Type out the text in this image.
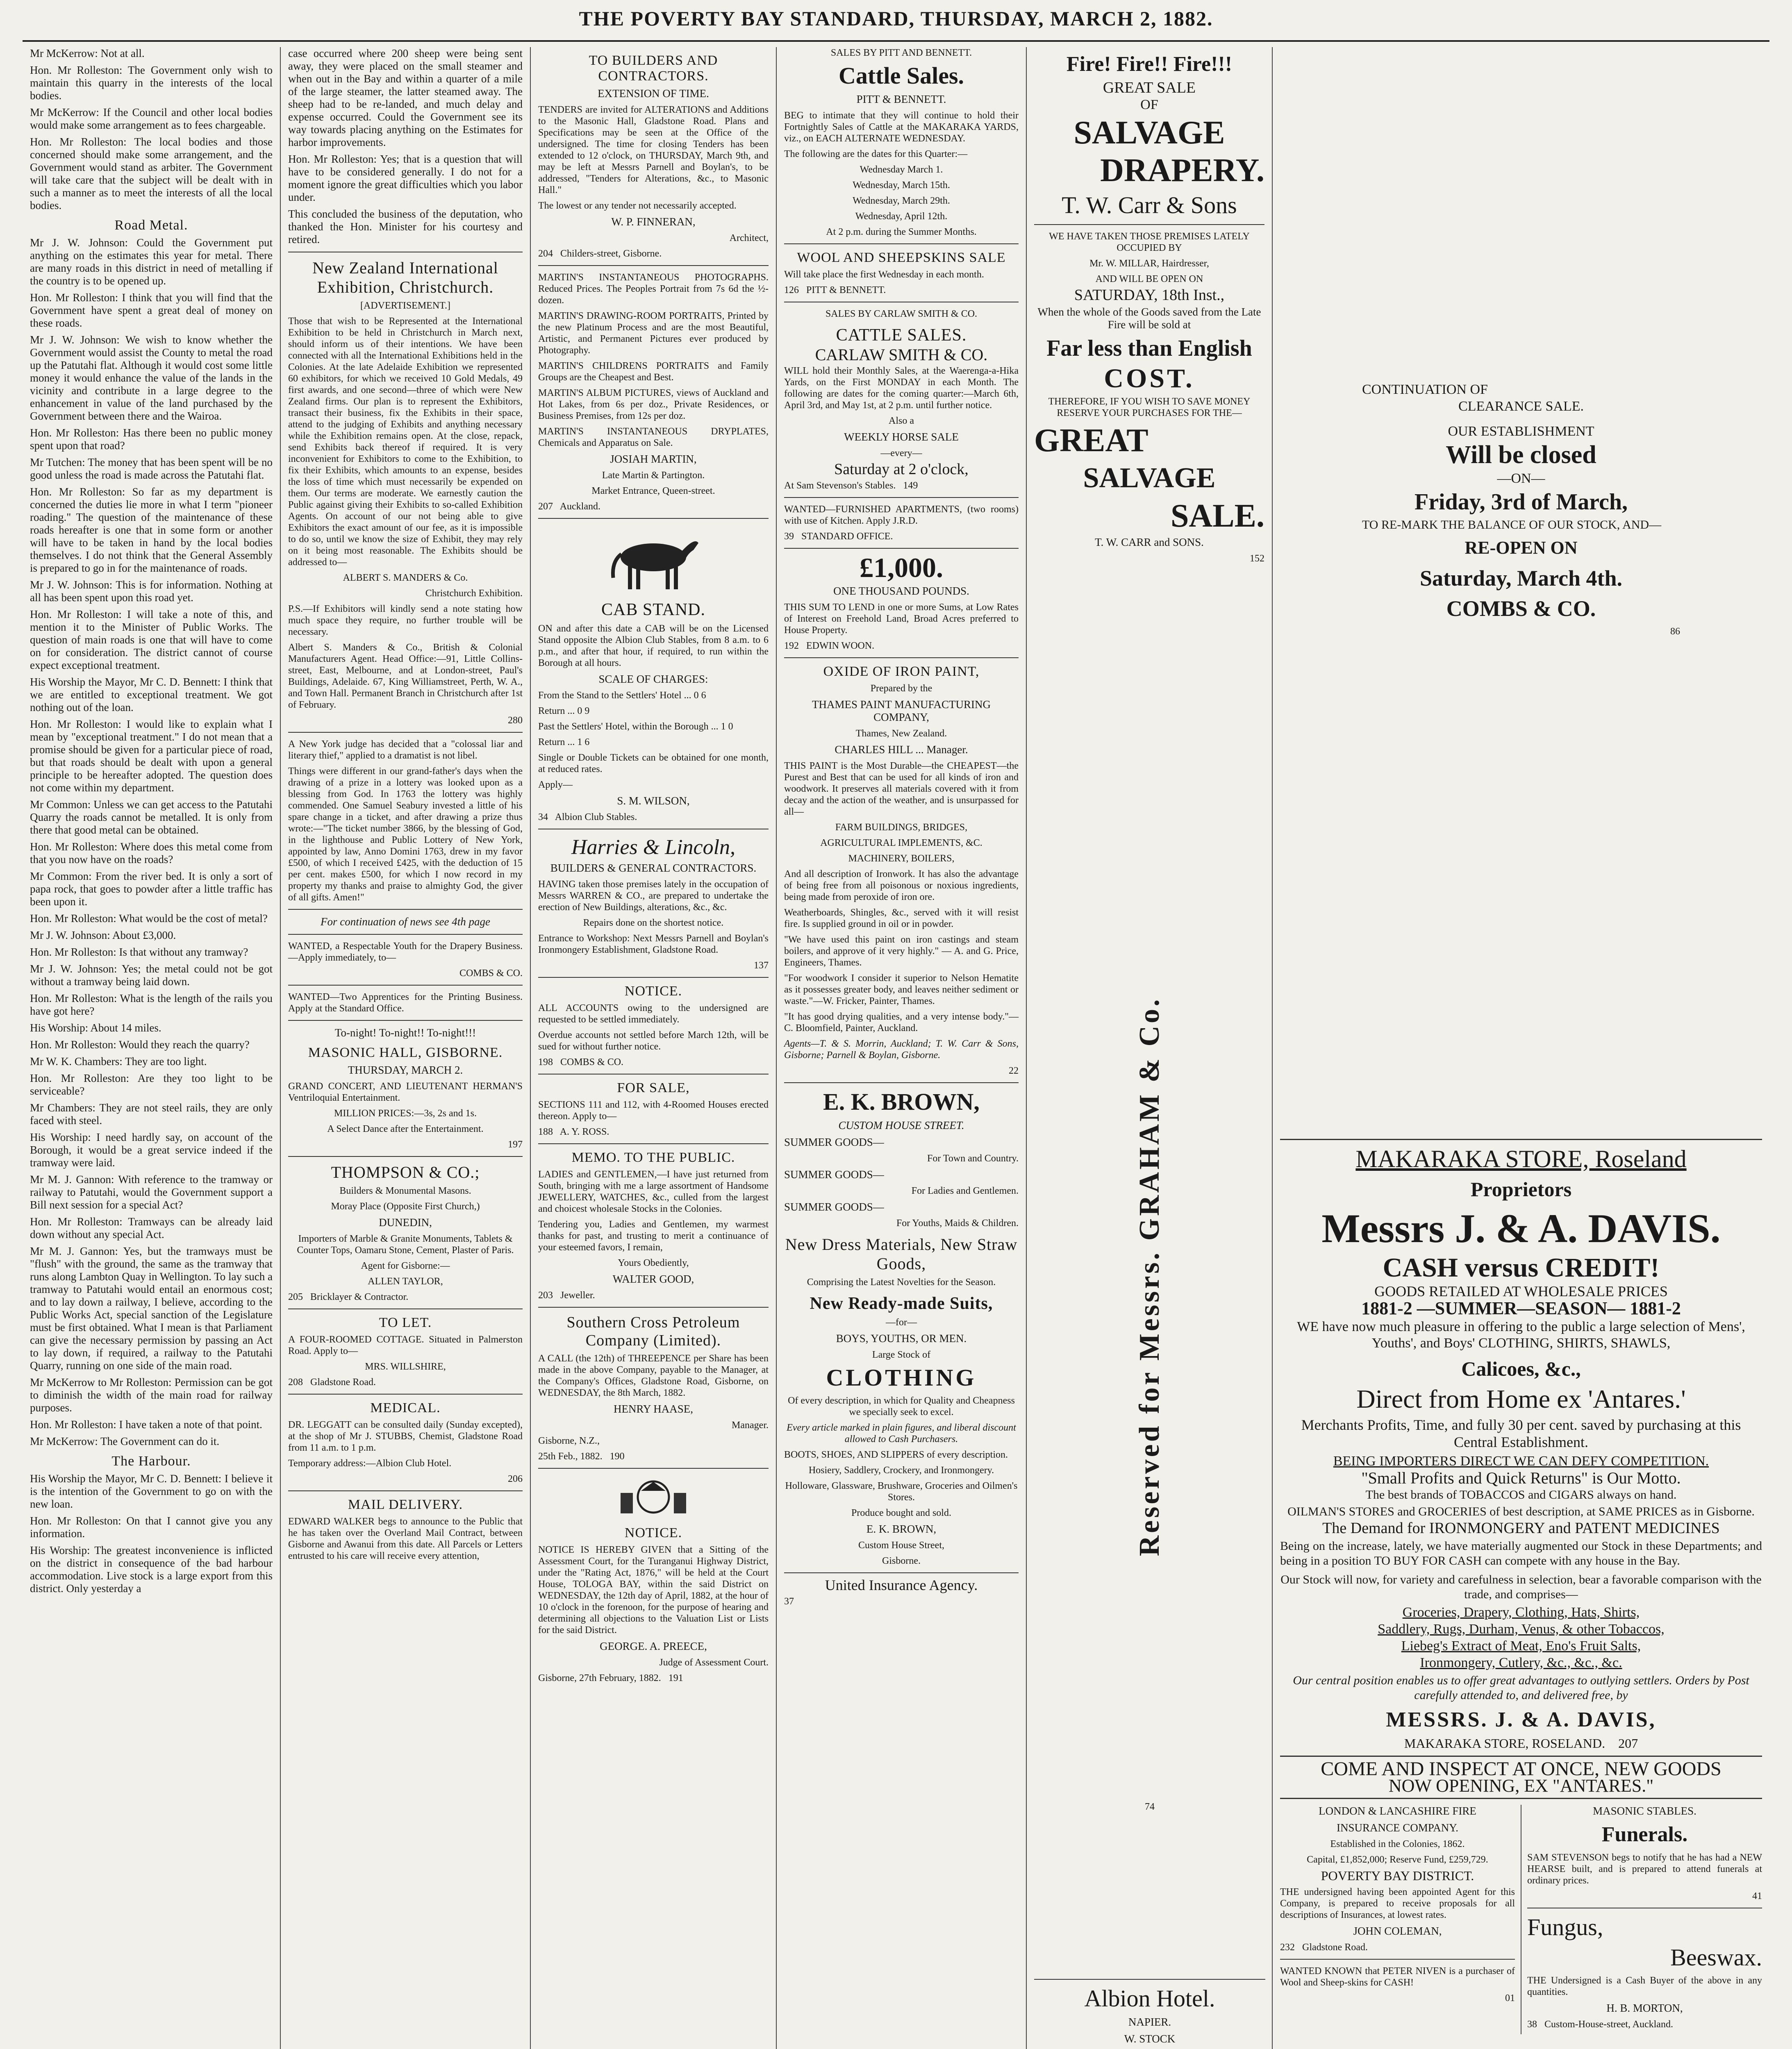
THE POVERTY BAY STANDARD, THURSDAY, MARCH 2, 1882.

Mr McKerrow: Not at all.

Hon. Mr Rolleston: The Government only wish to maintain this quarry in the interests of the local bodies.

Mr McKerrow: If the Council and other local bodies would make some arrangement as to fees chargeable.

Hon. Mr Rolleston: The local bodies and those concerned should make some arrangement, and the Government would stand as arbiter. The Government will take care that the subject will be dealt with in such a manner as to meet the interests of all the local bodies.

Road Metal.

Mr J. W. Johnson: Could the Government put anything on the estimates this year for metal. There are many roads in this district in need of metalling if the country is to be opened up.

Hon. Mr Rolleston: I think that you will find that the Government have spent a great deal of money on these roads.

Mr J. W. Johnson: We wish to know whether the Government would assist the County to metal the road up the Patutahi flat. Although it would cost some little money it would enhance the value of the lands in the vicinity and contribute in a large degree to the enhancement in value of the land purchased by the Government between there and the Wairoa.

Hon. Mr Rolleston: Has there been no public money spent upon that road?

Mr Tutchen: The money that has been spent will be no good unless the road is made across the Patutahi flat.

Hon. Mr Rolleston: So far as my department is concerned the duties lie more in what I term "pioneer roading." The question of the maintenance of these roads hereafter is one that in some form or another will have to be taken in hand by the local bodies themselves. I do not think that the General Assembly is prepared to go in for the maintenance of roads.

Mr J. W. Johnson: This is for information. Nothing at all has been spent upon this road yet.

Hon. Mr Rolleston: I will take a note of this, and mention it to the Minister of Public Works. The question of main roads is one that will have to come on for consideration. The district cannot of course expect exceptional treatment.

His Worship the Mayor, Mr C. D. Bennett: I think that we are entitled to exceptional treatment. We got nothing out of the loan.

Hon. Mr Rolleston: I would like to explain what I mean by "exceptional treatment." I do not mean that a promise should be given for a particular piece of road, but that roads should be dealt with upon a general principle to be hereafter adopted. The question does not come within my department.

Mr Common: Unless we can get access to the Patutahi Quarry the roads cannot be metalled. It is only from there that good metal can be obtained.

Hon. Mr Rolleston: Where does this metal come from that you now have on the roads?

Mr Common: From the river bed. It is only a sort of papa rock, that goes to powder after a little traffic has been upon it.

Hon. Mr Rolleston: What would be the cost of metal?

Mr J. W. Johnson: About £3,000.

Hon. Mr Rolleston: Is that without any tramway?

Mr J. W. Johnson: Yes; the metal could not be got without a tramway being laid down.

Hon. Mr Rolleston: What is the length of the rails you have got here?

His Worship: About 14 miles.

Hon. Mr Rolleston: Would they reach the quarry?

Mr W. K. Chambers: They are too light.

Hon. Mr Rolleston: Are they too light to be serviceable?

Mr Chambers: They are not steel rails, they are only faced with steel.

His Worship: I need hardly say, on account of the Borough, it would be a great service indeed if the tramway were laid.

Mr M. J. Gannon: With reference to the tramway or railway to Patutahi, would the Government support a Bill next session for a special Act?

Hon. Mr Rolleston: Tramways can be already laid down without any special Act.

Mr M. J. Gannon: Yes, but the tramways must be "flush" with the ground, the same as the tramway that runs along Lambton Quay in Wellington. To lay such a tramway to Patutahi would entail an enormous cost; and to lay down a railway, I believe, according to the Public Works Act, special sanction of the Legislature must be first obtained. What I mean is that Parliament can give the necessary permission by passing an Act to lay down, if required, a railway to the Patutahi Quarry, running on one side of the main road.

Mr McKerrow to Mr Rolleston: Permission can be got to diminish the width of the main road for railway purposes.

Hon. Mr Rolleston: I have taken a note of that point.

Mr McKerrow: The Government can do it.

The Harbour.

His Worship the Mayor, Mr C. D. Bennett: I believe it is the intention of the Government to go on with the new loan.

Hon. Mr Rolleston: On that I cannot give you any information.

His Worship: The greatest inconvenience is inflicted on the district in consequence of the bad harbour accommodation. Live stock is a large export from this district. Only yesterday a

case occurred where 200 sheep were being sent away, they were placed on the small steamer and when out in the Bay and within a quarter of a mile of the large steamer, the latter steamed away. The sheep had to be re-landed, and much delay and expense occurred. Could the Government see its way towards placing anything on the Estimates for harbor improvements.

Hon. Mr Rolleston: Yes; that is a question that will have to be considered generally. I do not for a moment ignore the great difficulties which you labor under.

This concluded the business of the deputation, who thanked the Hon. Minister for his courtesy and retired.

New Zealand International Exhibition, Christchurch.

[ADVERTISEMENT.]

Those that wish to be Represented at the International Exhibition to be held in Christchurch in March next, should inform us of their intentions. We have been connected with all the International Exhibitions held in the Colonies. At the late Adelaide Exhibition we represented 60 exhibitors, for which we received 10 Gold Medals, 49 first awards, and one second—three of which were New Zealand firms. Our plan is to represent the Exhibitors, transact their business, fix the Exhibits in their space, attend to the judging of Exhibits and anything necessary while the Exhibition remains open. At the close, repack, send Exhibits back thereof if required. It is very inconvenient for Exhibitors to come to the Exhibition, to fix their Exhibits, which amounts to an expense, besides the loss of time which must necessarily be expended on them. Our terms are moderate. We earnestly caution the Public against giving their Exhibits to so-called Exhibition Agents. On account of our not being able to give Exhibitors the exact amount of our fee, as it is impossible to do so, until we know the size of Exhibit, they may rely on it being most reasonable. The Exhibits should be addressed to—

ALBERT S. MANDERS & Co.

Christchurch Exhibition.

P.S.—If Exhibitors will kindly send a note stating how much space they require, no further trouble will be necessary.

Albert S. Manders & Co., British & Colonial Manufacturers Agent. Head Office:—91, Little Collins-street, East, Melbourne, and at London-street, Paul's Buildings, Adelaide. 67, King Williamstreet, Perth, W. A., and Town Hall. Permanent Branch in Christchurch after 1st of February.

280

A New York judge has decided that a "colossal liar and literary thief," applied to a dramatist is not libel.

Things were different in our grand-father's days when the drawing of a prize in a lottery was looked upon as a blessing from God. In 1763 the lottery was highly commended. One Samuel Seabury invested a little of his spare change in a ticket, and after drawing a prize thus wrote:—"The ticket number 3866, by the blessing of God, in the lighthouse and Public Lottery of New York, appointed by law, Anno Domini 1763, drew in my favor £500, of which I received £425, with the deduction of 15 per cent. makes £500, for which I now record in my property my thanks and praise to almighty God, the giver of all gifts. Amen!"

For continuation of news see 4th page

WANTED, a Respectable Youth for the Drapery Business.—Apply immediately, to—

COMBS & CO.

WANTED—Two Apprentices for the Printing Business. Apply at the Standard Office.

To-night! To-night!! To-night!!!

MASONIC HALL, GISBORNE.

THURSDAY, MARCH 2.

GRAND CONCERT, AND LIEUTENANT HERMAN'S Ventriloquial Entertainment.

MILLION PRICES:—3s, 2s and 1s.

A Select Dance after the Entertainment.

197

THOMPSON & CO.;

Builders & Monumental Masons.

Moray Place (Opposite First Church,)

DUNEDIN,

Importers of Marble & Granite Monuments, Tablets & Counter Tops, Oamaru Stone, Cement, Plaster of Paris.

Agent for Gisborne:—

ALLEN TAYLOR,

205 Bricklayer & Contractor.

TO LET.

A FOUR-ROOMED COTTAGE. Situated in Palmerston Road. Apply to—

MRS. WILLSHIRE,

208 Gladstone Road.

MEDICAL.

DR. LEGGATT can be consulted daily (Sunday excepted), at the shop of Mr J. STUBBS, Chemist, Gladstone Road from 11 a.m. to 1 p.m.

Temporary address:—Albion Club Hotel.

206

MAIL DELIVERY.

EDWARD WALKER begs to announce to the Public that he has taken over the Overland Mail Contract, between Gisborne and Awanui from this date. All Parcels or Letters entrusted to his care will receive every attention,

TO BUILDERS AND CONTRACTORS.

EXTENSION OF TIME.

TENDERS are invited for ALTERATIONS and Additions to the Masonic Hall, Gladstone Road. Plans and Specifications may be seen at the Office of the undersigned. The time for closing Tenders has been extended to 12 o'clock, on THURSDAY, March 9th, and may be left at Messrs Parnell and Boylan's, to be addressed, "Tenders for Alterations, &c., to Masonic Hall."

The lowest or any tender not necessarily accepted.

W. P. FINNERAN,

Architect,

204 Childers-street, Gisborne.

MARTIN'S INSTANTANEOUS PHOTOGRAPHS. Reduced Prices. The Peoples Portrait from 7s 6d the ½-dozen.

MARTIN'S DRAWING-ROOM PORTRAITS, Printed by the new Platinum Process and are the most Beautiful, Artistic, and Permanent Pictures ever produced by Photography.

MARTIN'S CHILDRENS PORTRAITS and Family Groups are the Cheapest and Best.

MARTIN'S ALBUM PICTURES, views of Auckland and Hot Lakes, from 6s per doz., Private Residences, or Business Premises, from 12s per doz.

MARTIN'S INSTANTANEOUS DRYPLATES, Chemicals and Apparatus on Sale.

JOSIAH MARTIN,

Late Martin & Partington.

Market Entrance, Queen-street.

207 Auckland.

CAB STAND.

ON and after this date a CAB will be on the Licensed Stand opposite the Albion Club Stables, from 8 a.m. to 6 p.m., and after that hour, if required, to run within the Borough at all hours.

SCALE OF CHARGES:

From the Stand to the Settlers' Hotel ... 0 6

Return ... 0 9

Past the Settlers' Hotel, within the Borough ... 1 0

Return ... 1 6

Single or Double Tickets can be obtained for one month, at reduced rates.

Apply—

S. M. WILSON,

34 Albion Club Stables.

Harries & Lincoln,

BUILDERS & GENERAL CONTRACTORS.

HAVING taken those premises lately in the occupation of Messrs WARREN & CO., are prepared to undertake the erection of New Buildings, alterations, &c., &c.

Repairs done on the shortest notice.

Entrance to Workshop: Next Messrs Parnell and Boylan's Ironmongery Establishment, Gladstone Road.

137

NOTICE.

ALL ACCOUNTS owing to the undersigned are requested to be settled immediately.

Overdue accounts not settled before March 12th, will be sued for without further notice.

198 COMBS & CO.

FOR SALE,

SECTIONS 111 and 112, with 4-Roomed Houses erected thereon. Apply to—

188 A. Y. ROSS.

MEMO. TO THE PUBLIC.

LADIES and GENTLEMEN,—I have just returned from South, bringing with me a large assortment of Handsome JEWELLERY, WATCHES, &c., culled from the largest and choicest wholesale Stocks in the Colonies.

Tendering you, Ladies and Gentlemen, my warmest thanks for past, and trusting to merit a continuance of your esteemed favors, I remain,

Yours Obediently,

WALTER GOOD,

203 Jeweller.

Southern Cross Petroleum Company (Limited).

A CALL (the 12th) of THREEPENCE per Share has been made in the above Company, payable to the Manager, at the Company's Offices, Gladstone Road, Gisborne, on WEDNESDAY, the 8th March, 1882.

HENRY HAASE,

Manager.

Gisborne, N.Z.,

25th Feb., 1882. 190

NOTICE.

NOTICE IS HEREBY GIVEN that a Sitting of the Assessment Court, for the Turanganui Highway District, under the "Rating Act, 1876," will be held at the Court House, TOLOGA BAY, within the said District on WEDNESDAY, the 12th day of April, 1882, at the hour of 10 o'clock in the forenoon, for the purpose of hearing and determining all objections to the Valuation List or Lists for the said District.

GEORGE. A. PREECE,

Judge of Assessment Court.

Gisborne, 27th February, 1882. 191

SALES BY PITT AND BENNETT.

Cattle Sales.

PITT & BENNETT.

BEG to intimate that they will continue to hold their Fortnightly Sales of Cattle at the MAKARAKA YARDS, viz., on EACH ALTERNATE WEDNESDAY.

The following are the dates for this Quarter:—

Wednesday March 1.

Wednesday, March 15th.

Wednesday, March 29th.

Wednesday, April 12th.

At 2 p.m. during the Summer Months.

WOOL AND SHEEPSKINS SALE

Will take place the first Wednesday in each month.

126 PITT & BENNETT.

SALES BY CARLAW SMITH & CO.

CATTLE SALES.

CARLAW SMITH & CO.

WILL hold their Monthly Sales, at the Waerenga-a-Hika Yards, on the First MONDAY in each Month. The following are dates for the coming quarter:—March 6th, April 3rd, and May 1st, at 2 p.m. until further notice.

Also a

WEEKLY HORSE SALE

—every—

Saturday at 2 o'clock,

At Sam Stevenson's Stables. 149

WANTED—FURNISHED APARTMENTS, (two rooms) with use of Kitchen. Apply J.R.D.

39 STANDARD OFFICE.

£1,000.

ONE THOUSAND POUNDS.

THIS SUM TO LEND in one or more Sums, at Low Rates of Interest on Freehold Land, Broad Acres preferred to House Property.

192 EDWIN WOON.

OXIDE OF IRON PAINT,

Prepared by the

THAMES PAINT MANUFACTURING COMPANY,

Thames, New Zealand.

CHARLES HILL ... Manager.

THIS PAINT is the Most Durable—the CHEAPEST—the Purest and Best that can be used for all kinds of iron and woodwork. It preserves all materials covered with it from decay and the action of the weather, and is unsurpassed for all—

FARM BUILDINGS, BRIDGES,

AGRICULTURAL IMPLEMENTS, &C.

MACHINERY, BOILERS,

And all description of Ironwork. It has also the advantage of being free from all poisonous or noxious ingredients, being made from peroxide of iron ore.

Weatherboards, Shingles, &c., served with it will resist fire. Is supplied ground in oil or in powder.

"We have used this paint on iron castings and steam boilers, and approve of it very highly." — A. and G. Price, Engineers, Thames.

"For woodwork I consider it superior to Nelson Hematite as it possesses greater body, and leaves neither sediment or waste."—W. Fricker, Painter, Thames.

"It has good drying qualities, and a very intense body."—C. Bloomfield, Painter, Auckland.

Agents—T. & S. Morrin, Auckland; T. W. Carr & Sons, Gisborne; Parnell & Boylan, Gisborne.

22

E. K. BROWN,

CUSTOM HOUSE STREET.

SUMMER GOODS—

For Town and Country.

SUMMER GOODS—

For Ladies and Gentlemen.

SUMMER GOODS—

For Youths, Maids & Children.

New Dress Materials, New Straw Goods,

Comprising the Latest Novelties for the Season.

New Ready-made Suits,

—for—

BOYS, YOUTHS, OR MEN.

Large Stock of

CLOTHING

Of every description, in which for Quality and Cheapness we specially seek to excel.

Every article marked in plain figures, and liberal discount allowed to Cash Purchasers.

BOOTS, SHOES, AND SLIPPERS of every description.

Hosiery, Saddlery, Crockery, and Ironmongery.

Holloware, Glassware, Brushware, Groceries and Oilmen's Stores.

Produce bought and sold.

E. K. BROWN,

Custom House Street,

Gisborne.

United Insurance Agency.

37

Fire! Fire!! Fire!!!

GREAT SALE

OF

SALVAGE
DRAPERY.
T. W. Carr & Sons

WE HAVE TAKEN THOSE PREMISES LATELY OCCUPIED BY

Mr. W. MILLAR, Hairdresser,

AND WILL BE OPEN ON

SATURDAY, 18th Inst.,

When the whole of the Goods saved from the Late Fire will be sold at

Far less than English
COST.

THEREFORE, IF YOU WISH TO SAVE MONEY RESERVE YOUR PURCHASES FOR THE—

GREAT
SALVAGE
SALE.

T. W. CARR and SONS.

152

Reserved for Messrs. GRAHAM & Co.

74

Albion Hotel.

NAPIER.

W. STOCK

CONTINUATION OF

CLEARANCE SALE.

OUR ESTABLISHMENT

Will be closed

—ON—

Friday, 3rd of March,

TO RE-MARK THE BALANCE OF OUR STOCK, AND—

RE-OPEN ON
Saturday, March 4th.
COMBS & CO.

86

MAKARAKA STORE, Roseland
Proprietors
Messrs J. & A. DAVIS.
CASH versus CREDIT!

GOODS RETAILED AT WHOLESALE PRICES

1881-2 —SUMMER—SEASON— 1881-2

WE have now much pleasure in offering to the public a large selection of Mens', Youths', and Boys' CLOTHING, SHIRTS, SHAWLS,

Calicoes, &c.,
Direct from Home ex 'Antares.'

Merchants Profits, Time, and fully 30 per cent. saved by purchasing at this Central Establishment.

BEING IMPORTERS DIRECT WE CAN DEFY COMPETITION.

"Small Profits and Quick Returns" is Our Motto.

The best brands of TOBACCOS and CIGARS always on hand.

OILMAN'S STORES and GROCERIES of best description, at SAME PRICES as in Gisborne.

The Demand for IRONMONGERY and PATENT MEDICINES

Being on the increase, lately, we have materially augmented our Stock in these Departments; and being in a position TO BUY FOR CASH can compete with any house in the Bay.

Our Stock will now, for variety and carefulness in selection, bear a favorable comparison with the trade, and comprises—

Groceries, Drapery, Clothing, Hats, Shirts,

Saddlery, Rugs, Durham, Venus, & other Tobaccos,

Liebeg's Extract of Meat, Eno's Fruit Salts,

Ironmongery, Cutlery, &c., &c., &c.

Our central position enables us to offer great advantages to outlying settlers. Orders by Post carefully attended to, and delivered free, by

MESSRS. J. & A. DAVIS,

MAKARAKA STORE, ROSELAND. 207

COME AND INSPECT AT ONCE, NEW GOODS

NOW OPENING, EX "ANTARES."

LONDON & LANCASHIRE FIRE

INSURANCE COMPANY.

Established in the Colonies, 1862.

Capital, £1,852,000; Reserve Fund, £259,729.

POVERTY BAY DISTRICT.

THE undersigned having been appointed Agent for this Company, is prepared to receive proposals for all descriptions of Insurances, at lowest rates.

JOHN COLEMAN,

232 Gladstone Road.

WANTED KNOWN that PETER NIVEN is a purchaser of Wool and Sheep-skins for CASH!

01

MASONIC STABLES.

Funerals.

SAM STEVENSON begs to notify that he has had a NEW HEARSE built, and is prepared to attend funerals at ordinary prices.

41

Fungus,
Beeswax.

THE Undersigned is a Cash Buyer of the above in any quantities.

H. B. MORTON,

38 Custom-House-street, Auckland.
